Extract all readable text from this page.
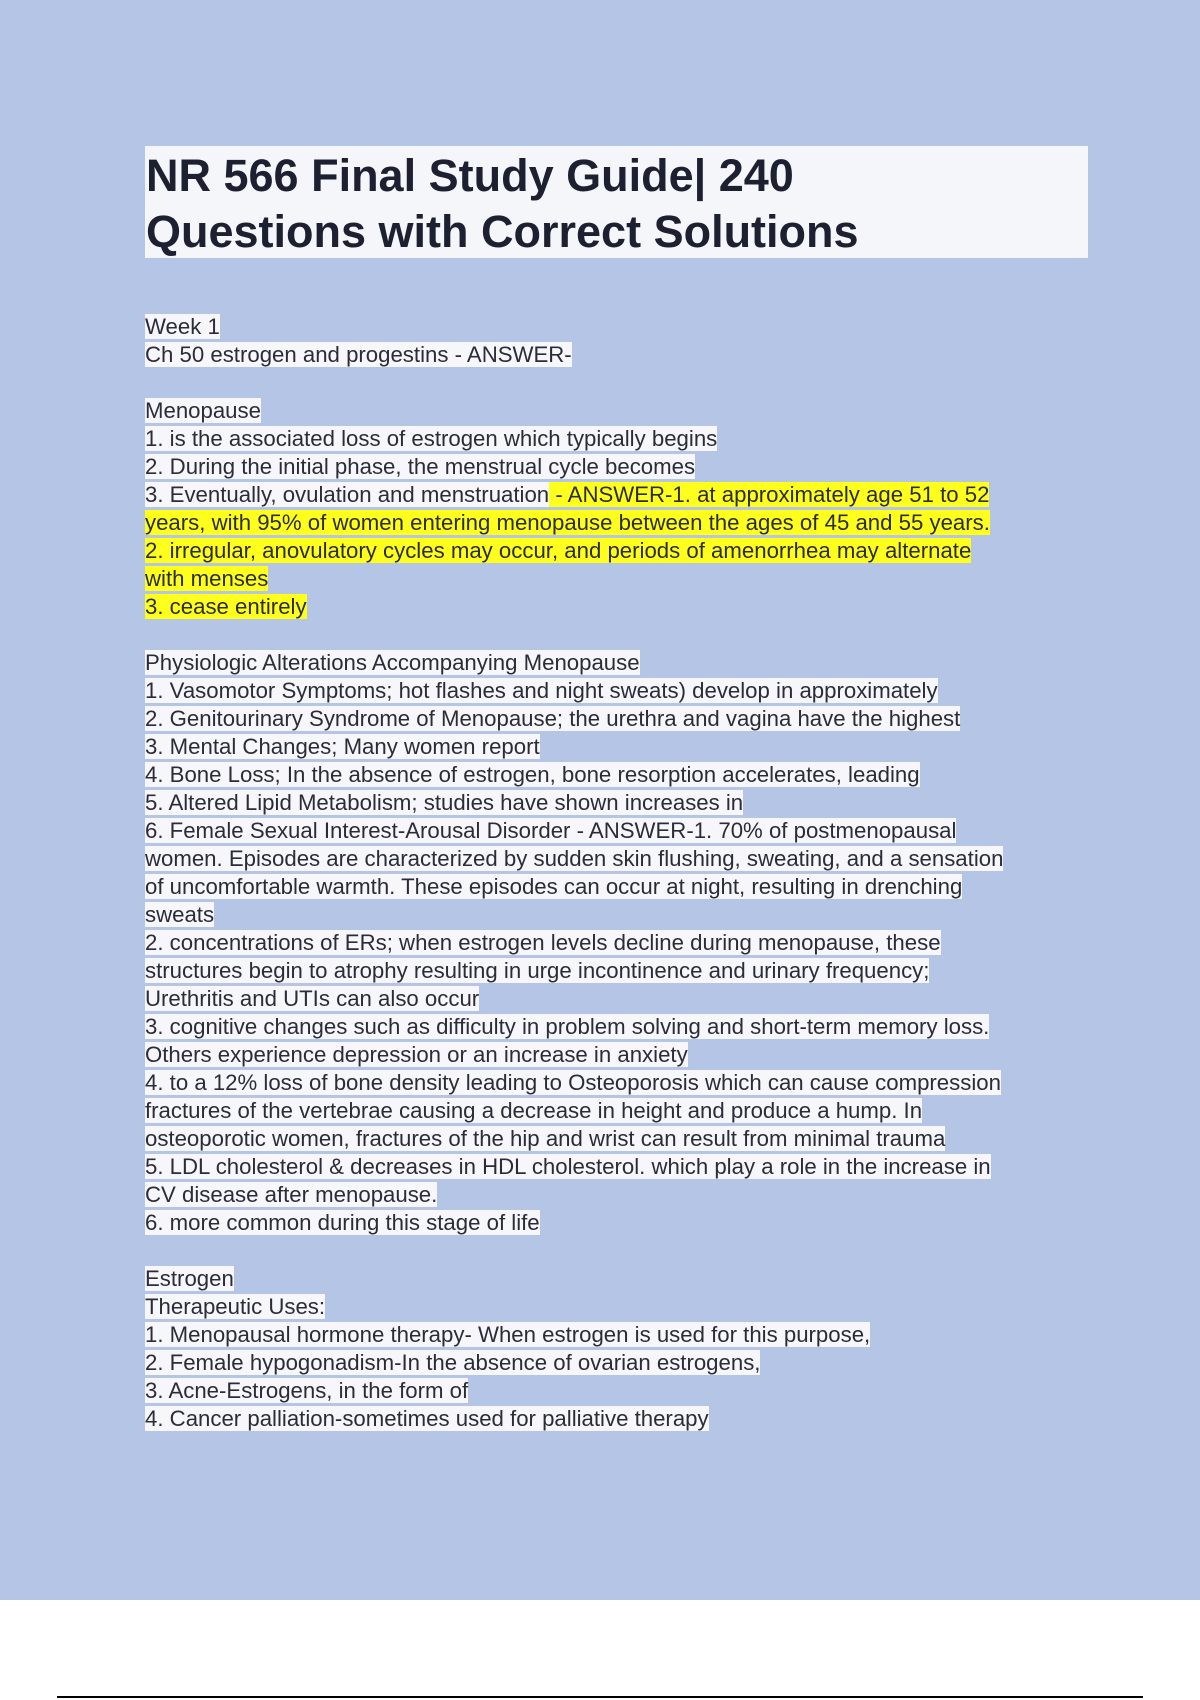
NR 566 Final Study Guide| 240
Questions with Correct Solutions
Week 1
Ch 50 estrogen and progestins - ANSWER-
Menopause
1. is the associated loss of estrogen which typically begins
2. During the initial phase, the menstrual cycle becomes
3. Eventually, ovulation and menstruation - ANSWER-1. at approximately age 51 to 52
years, with 95% of women entering menopause between the ages of 45 and 55 years.
2. irregular, anovulatory cycles may occur, and periods of amenorrhea may alternate
with menses
3. cease entirely
Physiologic Alterations Accompanying Menopause
1. Vasomotor Symptoms; hot flashes and night sweats) develop in approximately
2. Genitourinary Syndrome of Menopause; the urethra and vagina have the highest
3. Mental Changes; Many women report
4. Bone Loss; In the absence of estrogen, bone resorption accelerates, leading
5. Altered Lipid Metabolism; studies have shown increases in
6. Female Sexual Interest-Arousal Disorder - ANSWER-1. 70% of postmenopausal
women. Episodes are characterized by sudden skin flushing, sweating, and a sensation
of uncomfortable warmth. These episodes can occur at night, resulting in drenching
sweats
2. concentrations of ERs; when estrogen levels decline during menopause, these
structures begin to atrophy resulting in urge incontinence and urinary frequency;
Urethritis and UTIs can also occur
3. cognitive changes such as difficulty in problem solving and short-term memory loss.
Others experience depression or an increase in anxiety
4. to a 12% loss of bone density leading to Osteoporosis which can cause compression
fractures of the vertebrae causing a decrease in height and produce a hump. In
osteoporotic women, fractures of the hip and wrist can result from minimal trauma
5. LDL cholesterol & decreases in HDL cholesterol. which play a role in the increase in
CV disease after menopause.
6. more common during this stage of life
Estrogen
Therapeutic Uses:
1. Menopausal hormone therapy- When estrogen is used for this purpose,
2. Female hypogonadism-In the absence of ovarian estrogens,
3. Acne-Estrogens, in the form of
4. Cancer palliation-sometimes used for palliative therapy
